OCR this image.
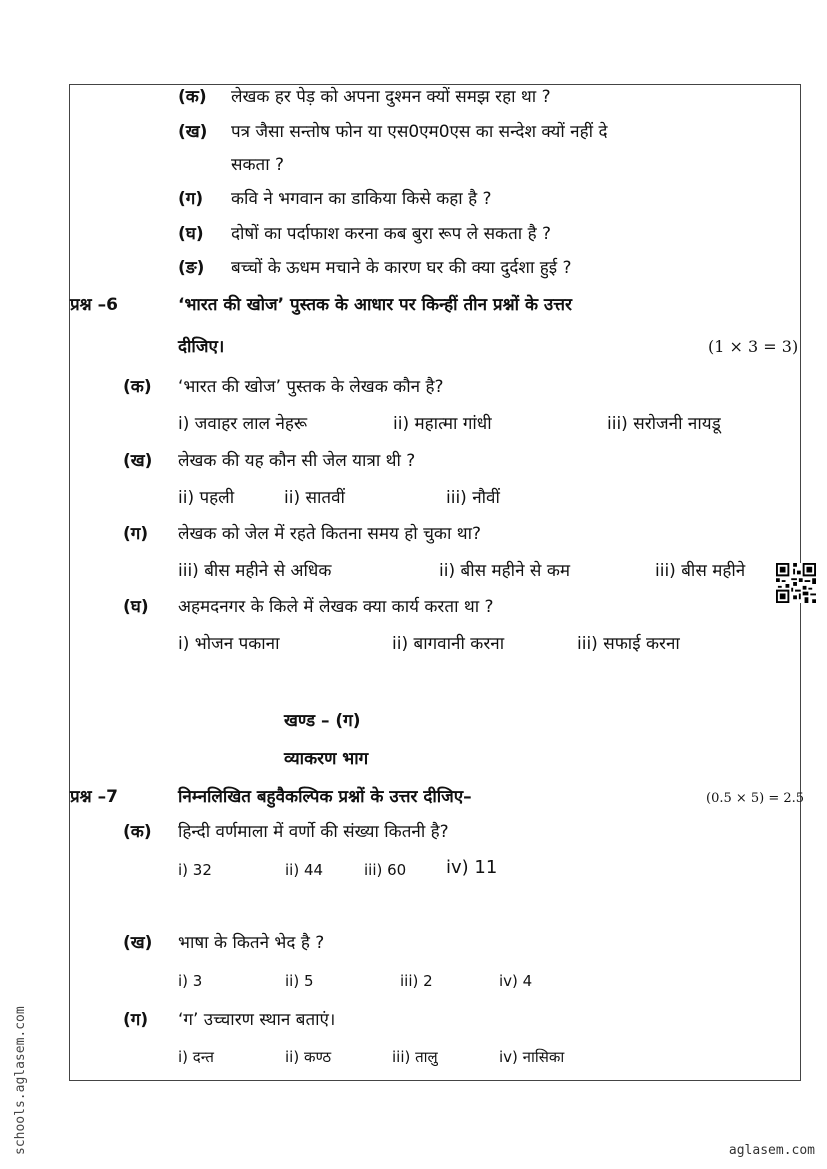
(क) लेखक हर पेड़ को अपना दुश्मन क्यों समझ रहा था ?
(ख) पत्र जैसा सन्तोष फोन या एस0एम0एस का सन्देश क्यों नहीं दे
सकता ?
(ग) कवि ने भगवान का डाकिया किसे कहा है ?
(घ) दोषों का पर्दाफाश करना कब बुरा रूप ले सकता है ?
(ङ) बच्चों के ऊधम मचाने के कारण घर की क्या दुर्दशा हुई ?
प्रश्न –6	‘भारत की खोज’ पुस्तक के आधार पर किन्हीं तीन प्रश्नों के उत्तर
दीजिए।	(1 × 3 = 3)
(क) ‘भारत की खोज’ पुस्तक के लेखक कौन है?
i) जवाहर लाल नेहरू	ii) महात्मा गांधी	iii) सरोजनी नायडू
(ख) लेखक की यह कौन सी जेल यात्रा थी ?
ii) पहली	ii) सातवीं	iii) नौवीं
(ग) लेखक को जेल में रहते कितना समय हो चुका था?
iii) बीस महीने से अधिक	ii) बीस महीने से कम	iii) बीस महीने
(घ) अहमदनगर के किले में लेखक क्या कार्य करता था ?
i) भोजन पकाना	ii) बागवानी करना	iii) सफाई करना
खण्ड – (ग)
व्याकरण भाग
प्रश्न –7	निम्नलिखित बहुवैकल्पिक प्रश्नों के उत्तर दीजिए–	(0.5 × 5) = 2.5
(क) हिन्दी वर्णमाला में वर्णो की संख्या कितनी है?
i) 32	ii) 44	iii) 60 iv) 11
(ख) भाषा के कितने भेद है ?
i) 3	ii) 5	iii) 2	iv) 4
(ग) ‘ग’ उच्चारण स्थान बताएं।
i) दन्त	ii) कण्ठ	iii) तालु	iv) नासिका
schools.aglasem.com	aglasem.com
